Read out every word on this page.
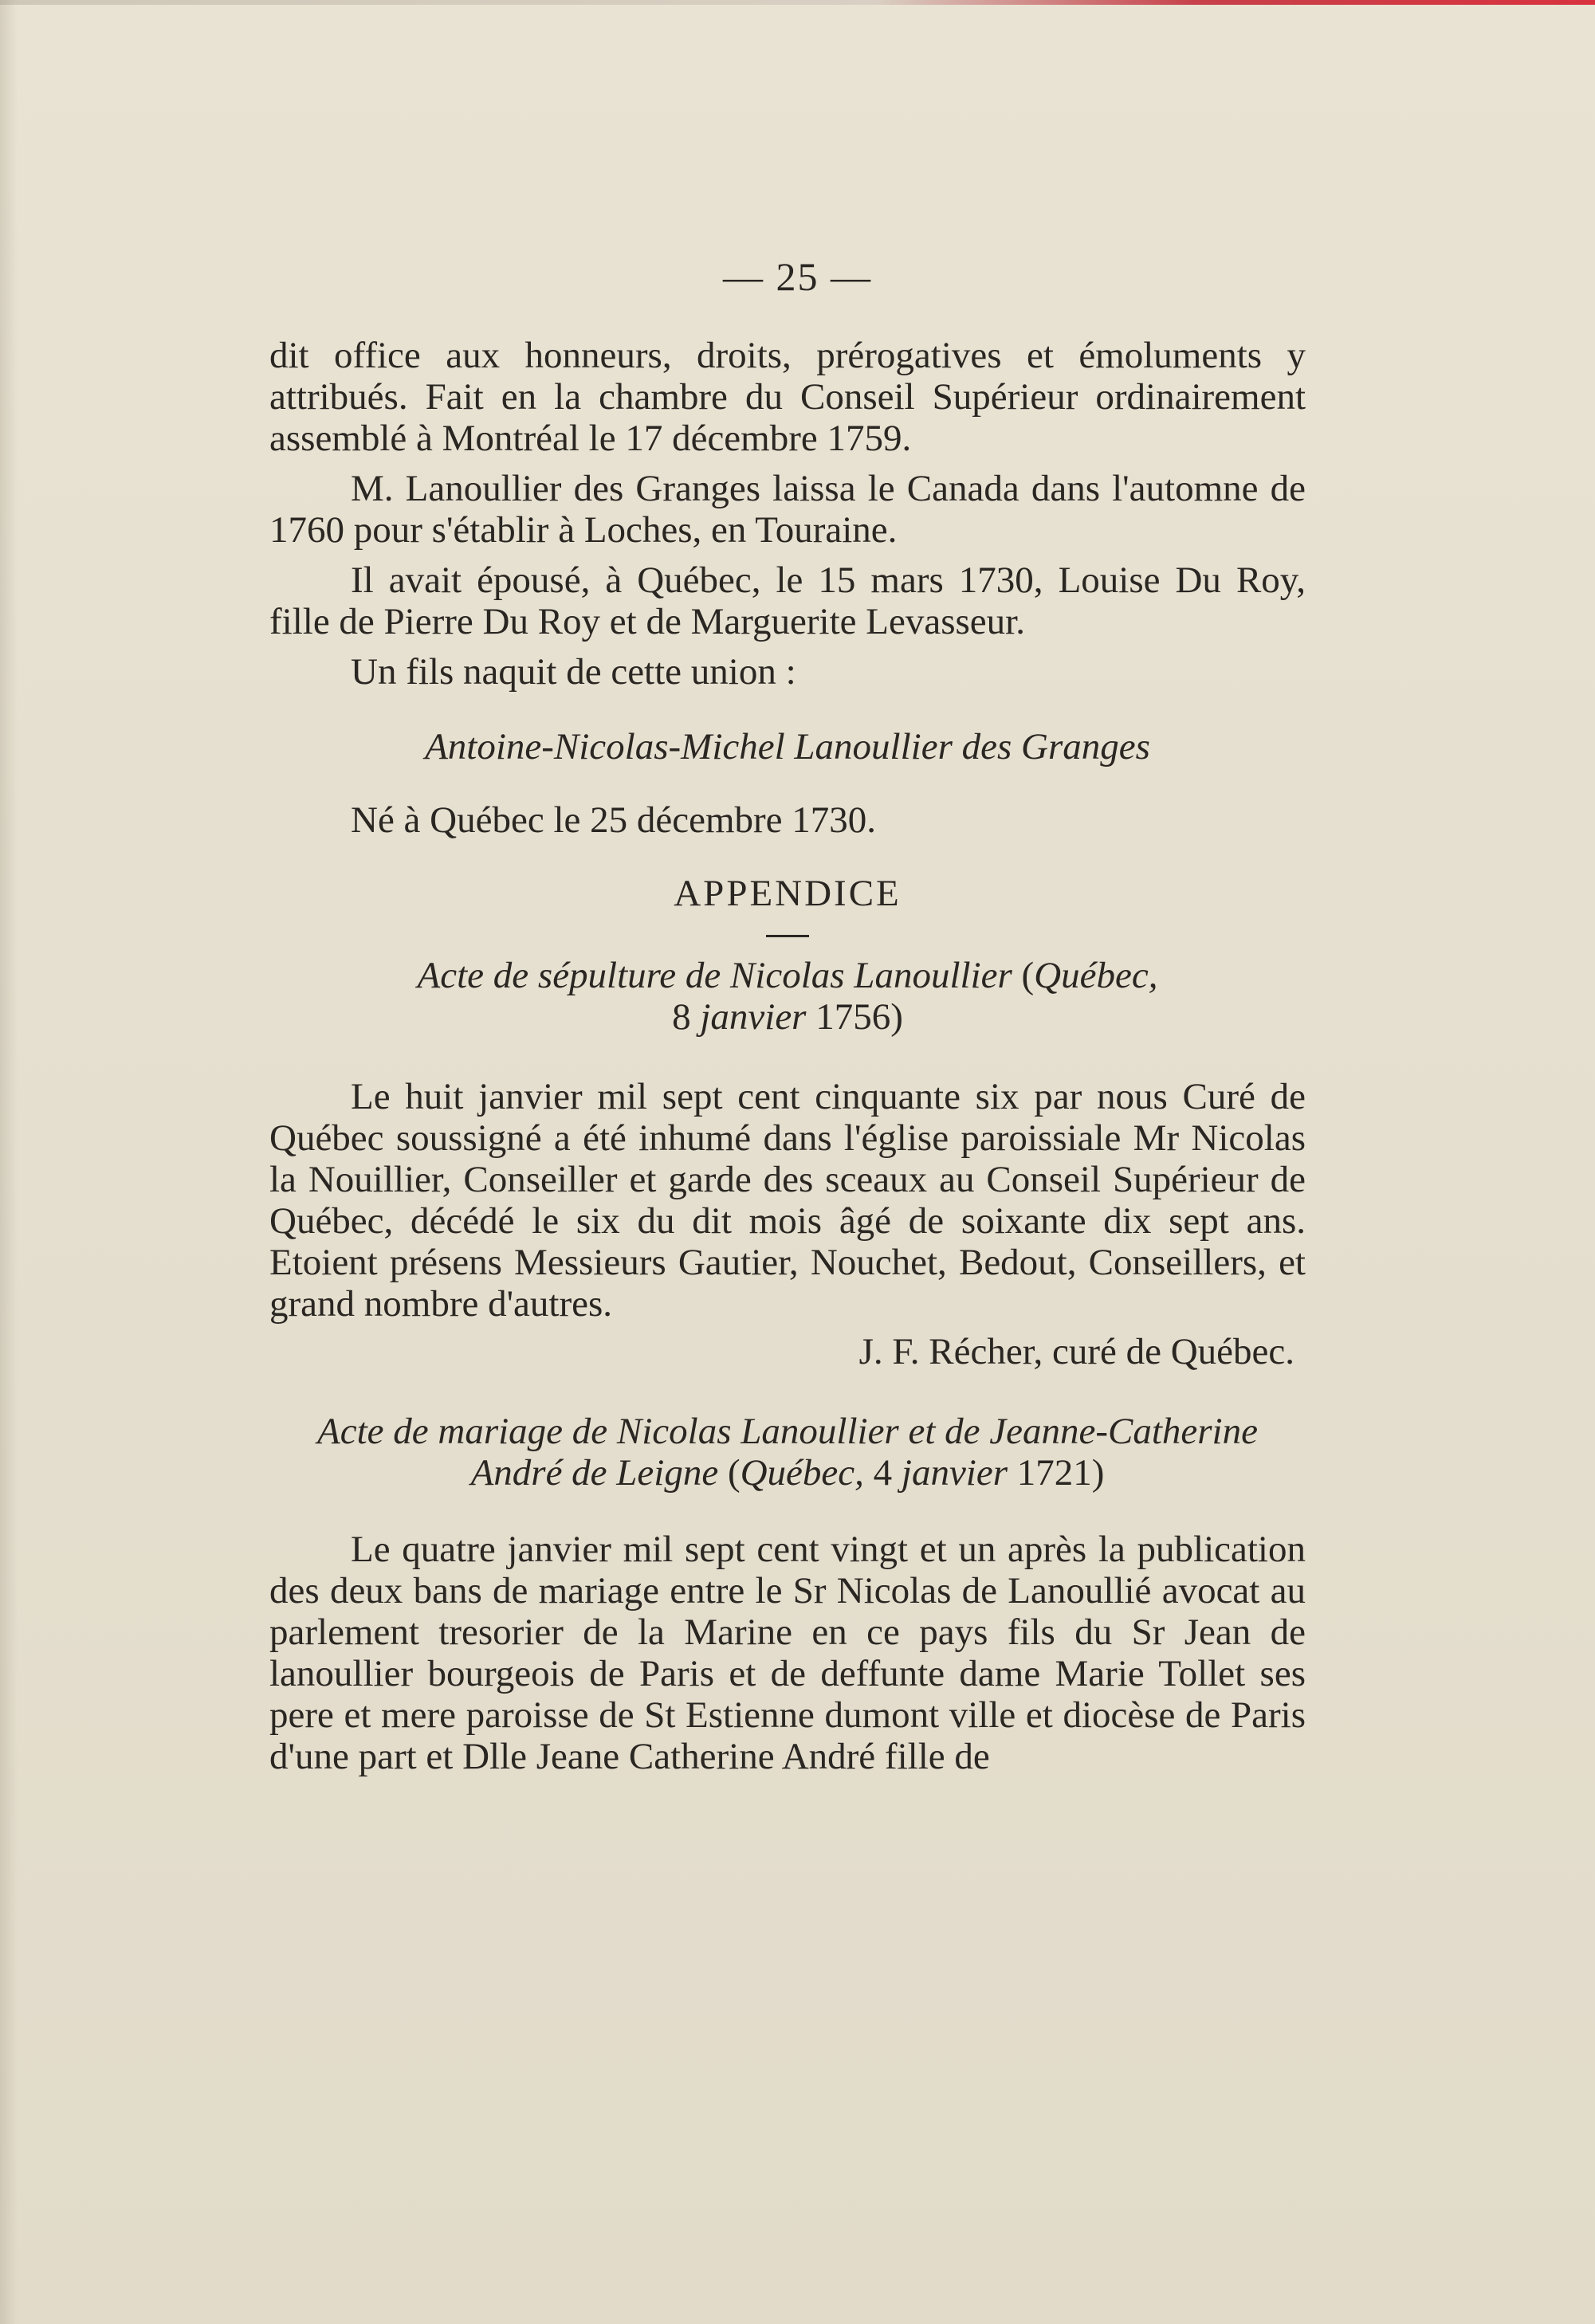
— 25 —

dit office aux honneurs, droits, prérogatives et émoluments y attribués. Fait en la chambre du Conseil Supérieur ordinairement assemblé à Montréal le 17 décembre 1759.

M. Lanoullier des Granges laissa le Canada dans l'automne de 1760 pour s'établir à Loches, en Touraine.

Il avait épousé, à Québec, le 15 mars 1730, Louise Du Roy, fille de Pierre Du Roy et de Marguerite Levasseur.

Un fils naquit de cette union :

Antoine-Nicolas-Michel Lanoullier des Granges

Né à Québec le 25 décembre 1730.

APPENDICE

Acte de sépulture de Nicolas Lanoullier (Québec,
8 janvier 1756)

Le huit janvier mil sept cent cinquante six par nous Curé de Québec soussigné a été inhumé dans l'église paroissiale Mr Nicolas la Nouillier, Conseiller et garde des sceaux au Conseil Supérieur de Québec, décédé le six du dit mois âgé de soixante dix sept ans. Etoient présens Messieurs Gautier, Nouchet, Bedout, Conseillers, et grand nombre d'autres.

J. F. Récher, curé de Québec.

Acte de mariage de Nicolas Lanoullier et de Jeanne-Catherine André de Leigne (Québec, 4 janvier 1721)

Le quatre janvier mil sept cent vingt et un après la publication des deux bans de mariage entre le Sr Nicolas de Lanoullié avocat au parlement tresorier de la Marine en ce pays fils du Sr Jean de lanoullier bourgeois de Paris et de deffunte dame Marie Tollet ses pere et mere paroisse de St Estienne dumont ville et diocèse de Paris d'une part et Dlle Jeane Catherine André fille de
